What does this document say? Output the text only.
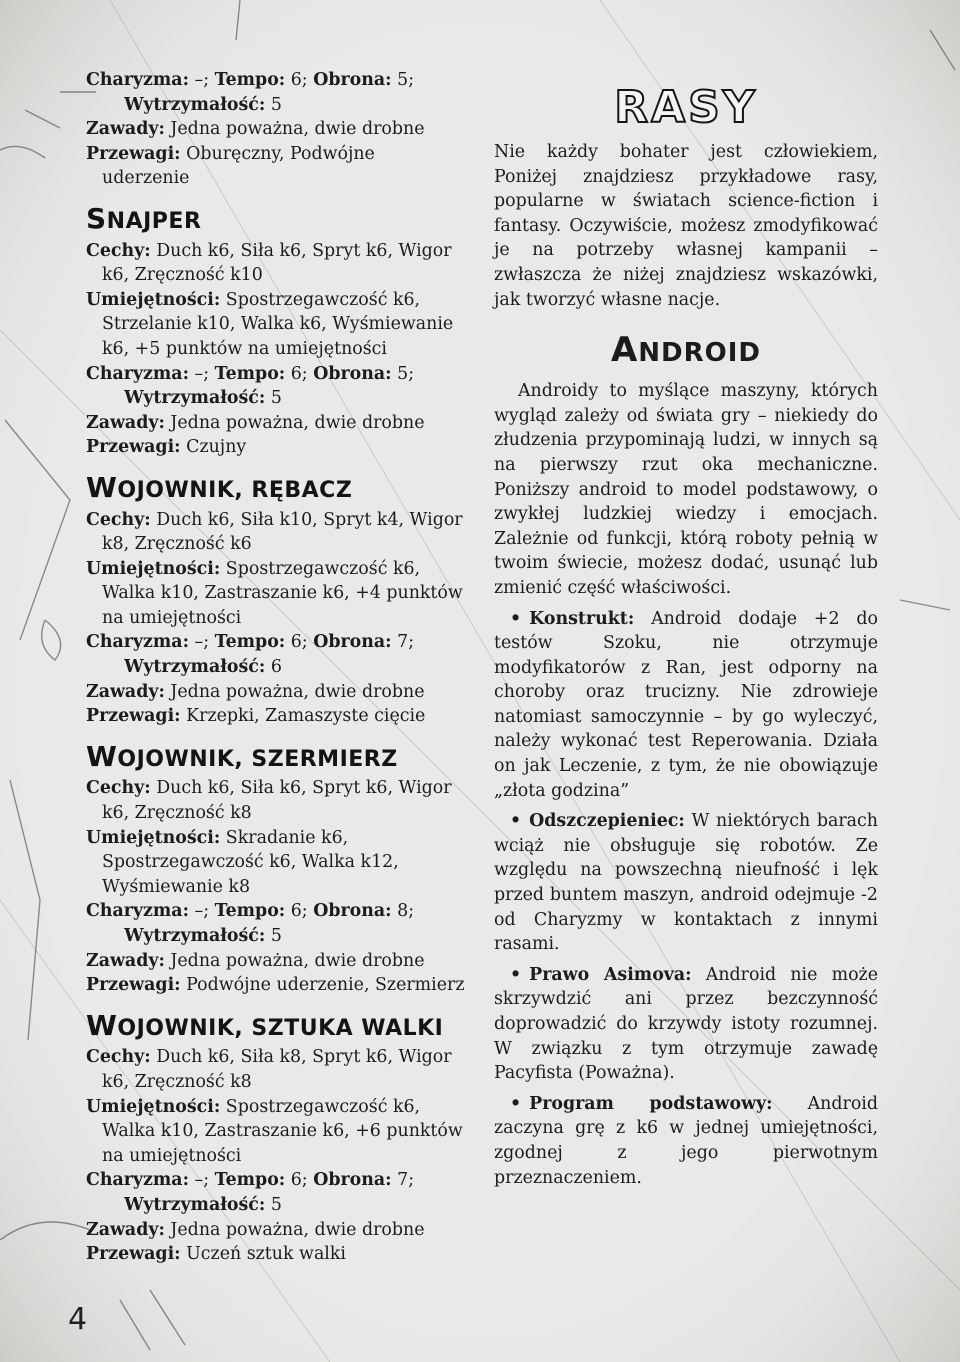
Charyzma: –; Tempo: 6; Obrona: 5;
Wytrzymałość: 5

Zawady: Jedna poważna, dwie drobne

Przewagi: Oburęczny, Podwójne uderzenie

SNAJPER

Cechy: Duch k6, Siła k6, Spryt k6, Wigor k6, Zręczność k10

Umiejętności: Spostrzegawczość k6, Strzelanie k10, Walka k6, Wyśmiewanie k6, +5 punktów na umiejętności

Charyzma: –; Tempo: 6; Obrona: 5;
Wytrzymałość: 5

Zawady: Jedna poważna, dwie drobne

Przewagi: Czujny

WOJOWNIK, RĘBACZ

Cechy: Duch k6, Siła k10, Spryt k4, Wigor k8, Zręczność k6

Umiejętności: Spostrzegawczość k6, Walka k10, Zastraszanie k6, +4 punktów na umiejętności

Charyzma: –; Tempo: 6; Obrona: 7;
Wytrzymałość: 6

Zawady: Jedna poważna, dwie drobne

Przewagi: Krzepki, Zamaszyste cięcie

WOJOWNIK, SZERMIERZ

Cechy: Duch k6, Siła k6, Spryt k6, Wigor k6, Zręczność k8

Umiejętności: Skradanie k6, Spostrzegawczość k6, Walka k12, Wyśmiewanie k8

Charyzma: –; Tempo: 6; Obrona: 8;
Wytrzymałość: 5

Zawady: Jedna poważna, dwie drobne

Przewagi: Podwójne uderzenie, Szermierz

WOJOWNIK, SZTUKA WALKI

Cechy: Duch k6, Siła k8, Spryt k6, Wigor k6, Zręczność k8

Umiejętności: Spostrzegawczość k6, Walka k10, Zastraszanie k6, +6 punktów na umiejętności

Charyzma: –; Tempo: 6; Obrona: 7;
Wytrzymałość: 5

Zawady: Jedna poważna, dwie drobne

Przewagi: Uczeń sztuk walki

RASY

Nie każdy bohater jest człowiekiem, Poniżej znajdziesz przykładowe rasy, popularne w światach science-fiction i fantasy. Oczywiście, możesz zmodyfikować je na potrzeby własnej kampanii – zwłaszcza że niżej znajdziesz wskazówki, jak tworzyć własne nacje.

ANDROID

Androidy to myślące maszyny, których wygląd zależy od świata gry – niekiedy do złudzenia przypominają ludzi, w innych są na pierwszy rzut oka mechaniczne. Poniższy android to model podstawowy, o zwykłej ludzkiej wiedzy i emocjach. Zależnie od funkcji, którą roboty pełnią w twoim świecie, możesz dodać, usunąć lub zmienić część właściwości.

• Konstrukt: Android dodaje +2 do testów Szoku, nie otrzymuje modyfikatorów z Ran, jest odporny na choroby oraz trucizny. Nie zdrowieje natomiast samoczynnie – by go wyleczyć, należy wykonać test Reperowania. Działa on jak Leczenie, z tym, że nie obowiązuje „złota godzina”

• Odszczepieniec: W niektórych barach wciąż nie obsługuje się robotów. Ze względu na powszechną nieufność i lęk przed buntem maszyn, android odejmuje -2 od Charyzmy w kontaktach z innymi rasami.

• Prawo Asimova: Android nie może skrzywdzić ani przez bezczynność doprowadzić do krzywdy istoty rozumnej. W związku z tym otrzymuje zawadę Pacyfista (Poważna).

• Program podstawowy: Android zaczyna grę z k6 w jednej umiejętności, zgodnej z jego pierwotnym przeznaczeniem.

4
